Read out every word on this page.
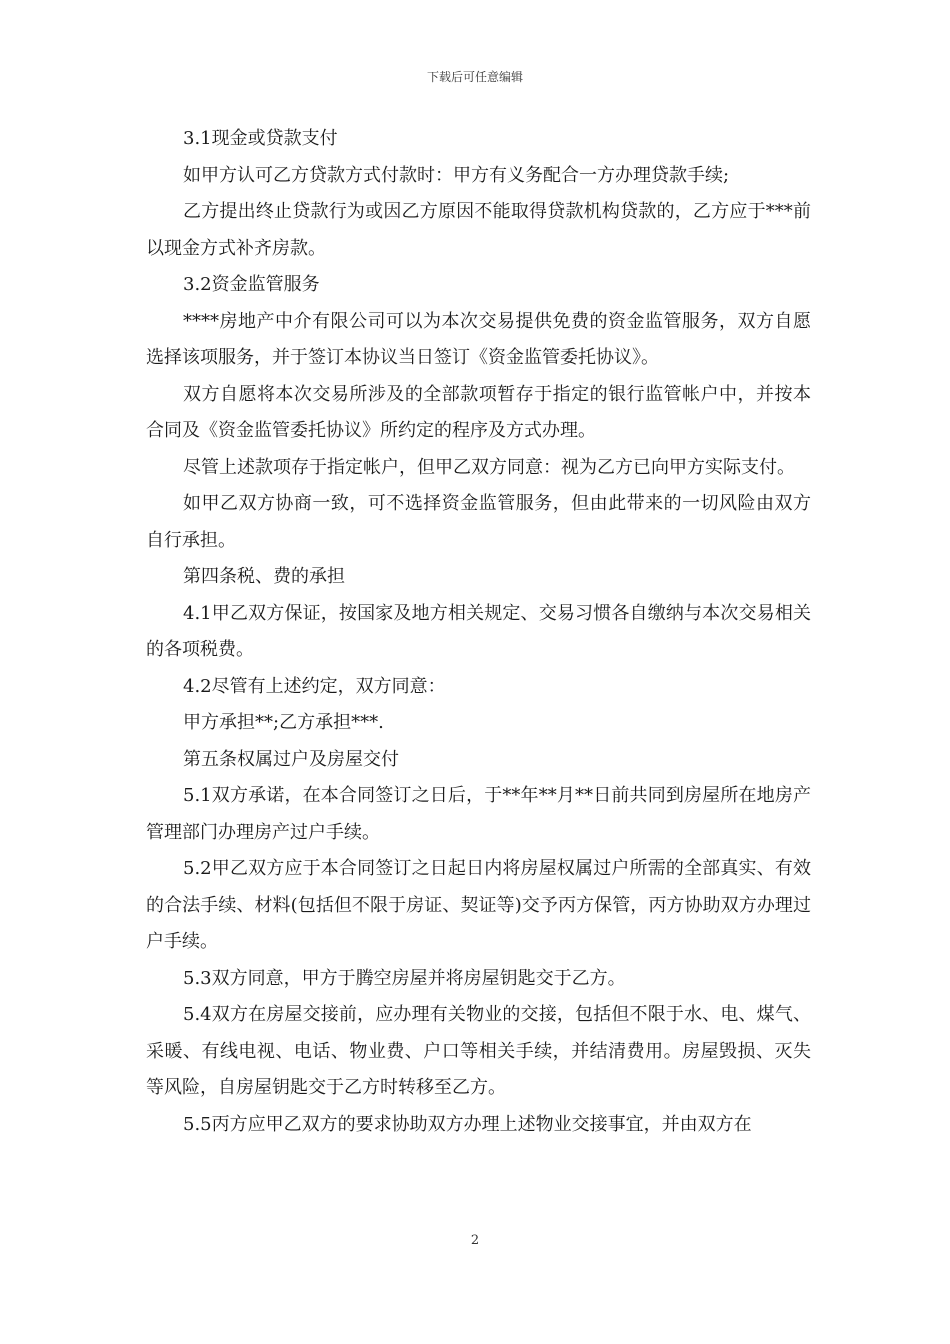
下载后可任意编辑

3.1现金或贷款支付

如甲方认可乙方贷款方式付款时：甲方有义务配合一方办理贷款手续;

乙方提出终止贷款行为或因乙方原因不能取得贷款机构贷款的，乙方应于***前以现金方式补齐房款。

3.2资金监管服务

****房地产中介有限公司可以为本次交易提供免费的资金监管服务，双方自愿选择该项服务，并于签订本协议当日签订《资金监管委托协议》。

双方自愿将本次交易所涉及的全部款项暂存于指定的银行监管帐户中，并按本合同及《资金监管委托协议》所约定的程序及方式办理。

尽管上述款项存于指定帐户，但甲乙双方同意：视为乙方已向甲方实际支付。

如甲乙双方协商一致，可不选择资金监管服务，但由此带来的一切风险由双方自行承担。

第四条税、费的承担

4.1甲乙双方保证，按国家及地方相关规定、交易习惯各自缴纳与本次交易相关的各项税费。

4.2尽管有上述约定，双方同意：

甲方承担**;乙方承担***.

第五条权属过户及房屋交付

5.1双方承诺，在本合同签订之日后，于**年**月**日前共同到房屋所在地房产管理部门办理房产过户手续。

5.2甲乙双方应于本合同签订之日起日内将房屋权属过户所需的全部真实、有效的合法手续、材料(包括但不限于房证、契证等)交予丙方保管，丙方协助双方办理过户手续。

5.3双方同意，甲方于腾空房屋并将房屋钥匙交于乙方。

5.4双方在房屋交接前，应办理有关物业的交接，包括但不限于水、电、煤气、采暖、有线电视、电话、物业费、户口等相关手续，并结清费用。房屋毁损、灭失等风险，自房屋钥匙交于乙方时转移至乙方。

5.5丙方应甲乙双方的要求协助双方办理上述物业交接事宜，并由双方在

2
